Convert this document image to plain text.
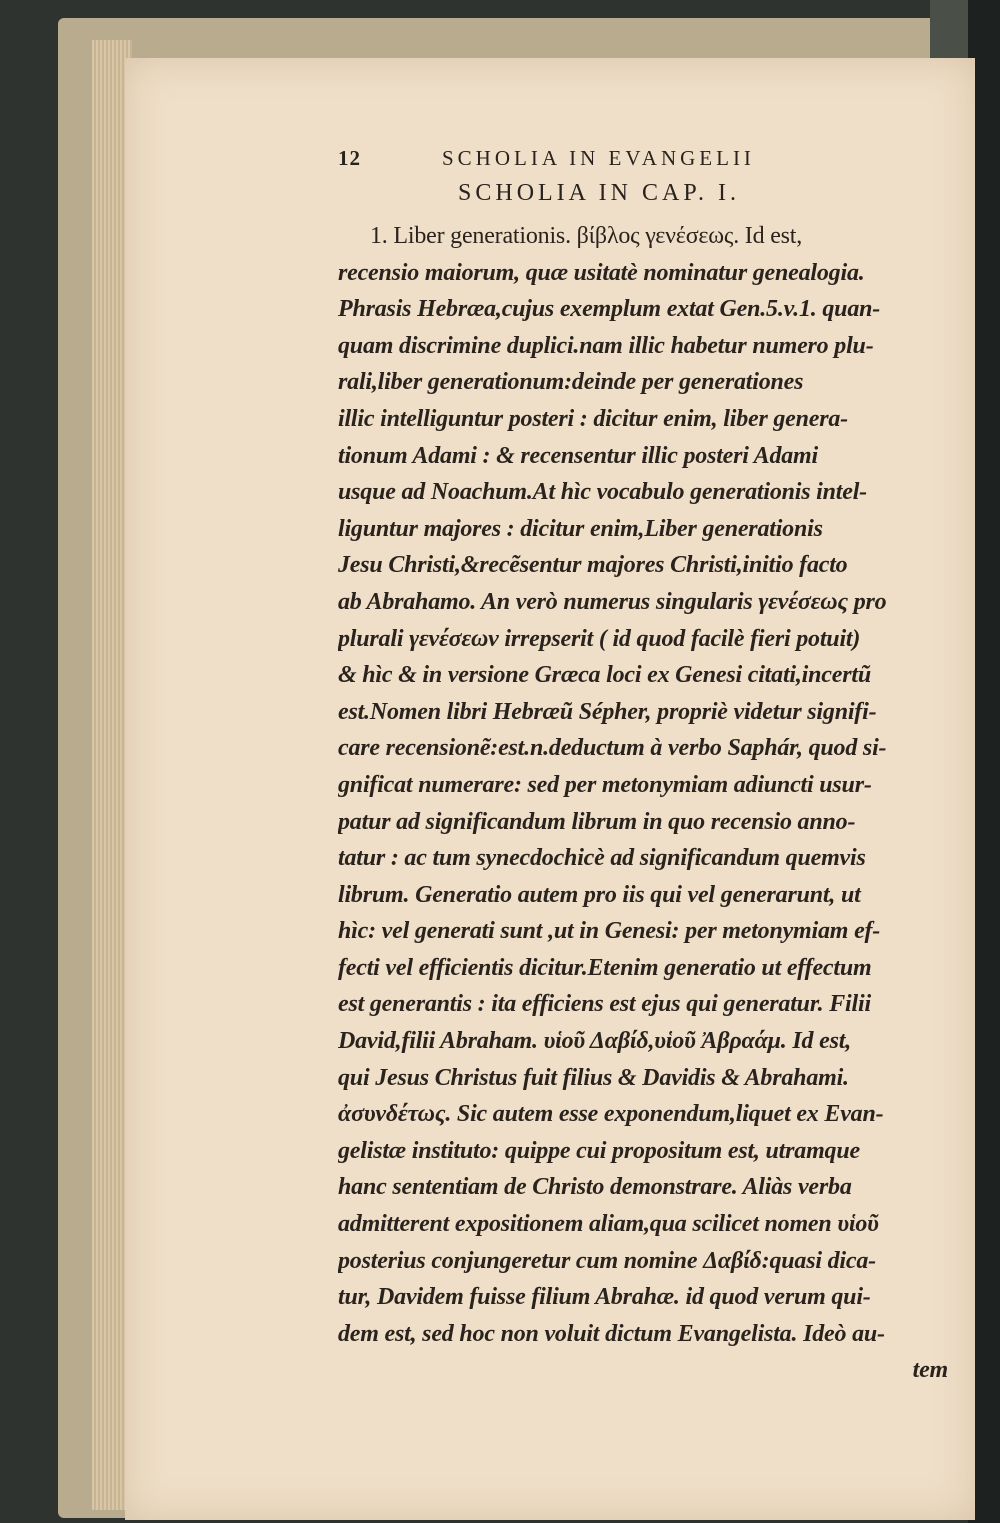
12	SCHOLIA IN EVANGELII
SCHOLIA IN CAP. I.
1. Liber generationis. βίβλος γενέσεως. Id est,
recensio maiorum, quæ usitatè nominatur genealogia.
Phrasis Hebræa,cujus exemplum extat Gen.5.v.1. quan-
quam discrimine duplici.nam illic habetur numero plu-
rali,liber generationum:deinde per generationes
illic intelliguntur posteri : dicitur enim, liber genera-
tionum Adami : & recensentur illic posteri Adami
usque ad Noachum.At hìc vocabulo generationis intel-
liguntur majores : dicitur enim,Liber generationis
Jesu Christi,&recẽsentur majores Christi,initio facto
ab Abrahamo. An verò numerus singularis γενέσεως pro
plurali γενέσεων irrepserit ( id quod facilè fieri potuit)
& hìc & in versione Græca loci ex Genesi citati,incertũ
est.Nomen libri Hebræũ Sépher, propriè videtur signifi-
care recensionẽ:est.n.deductum à verbo Saphár, quod si-
gnificat numerare: sed per metonymiam adiuncti usur-
patur ad significandum librum in quo recensio anno-
tatur : ac tum synecdochicè ad significandum quemvis
librum. Generatio autem pro iis qui vel generarunt, ut
hìc: vel generati sunt ,ut in Genesi: per metonymiam ef-
fecti vel efficientis dicitur.Etenim generatio ut effectum
est generantis : ita efficiens est ejus qui generatur. Filii
David,filii Abraham. υἱοῦ Δαβίδ,υἱοῦ Ἀβραάμ. Id est,
qui Jesus Christus fuit filius & Davidis & Abrahami.
ἀσυνδέτως. Sic autem esse exponendum,liquet ex Evan-
gelistæ instituto: quippe cui propositum est, utramque
hanc sententiam de Christo demonstrare. Aliàs verba
admitterent expositionem aliam,qua scilicet nomen υἱοῦ
posterius conjungeretur cum nomine Δαβίδ:quasi dica-
tur, Davidem fuisse filium Abrahæ. id quod verum qui-
dem est, sed hoc non voluit dictum Evangelista. Ideò au-
tem
